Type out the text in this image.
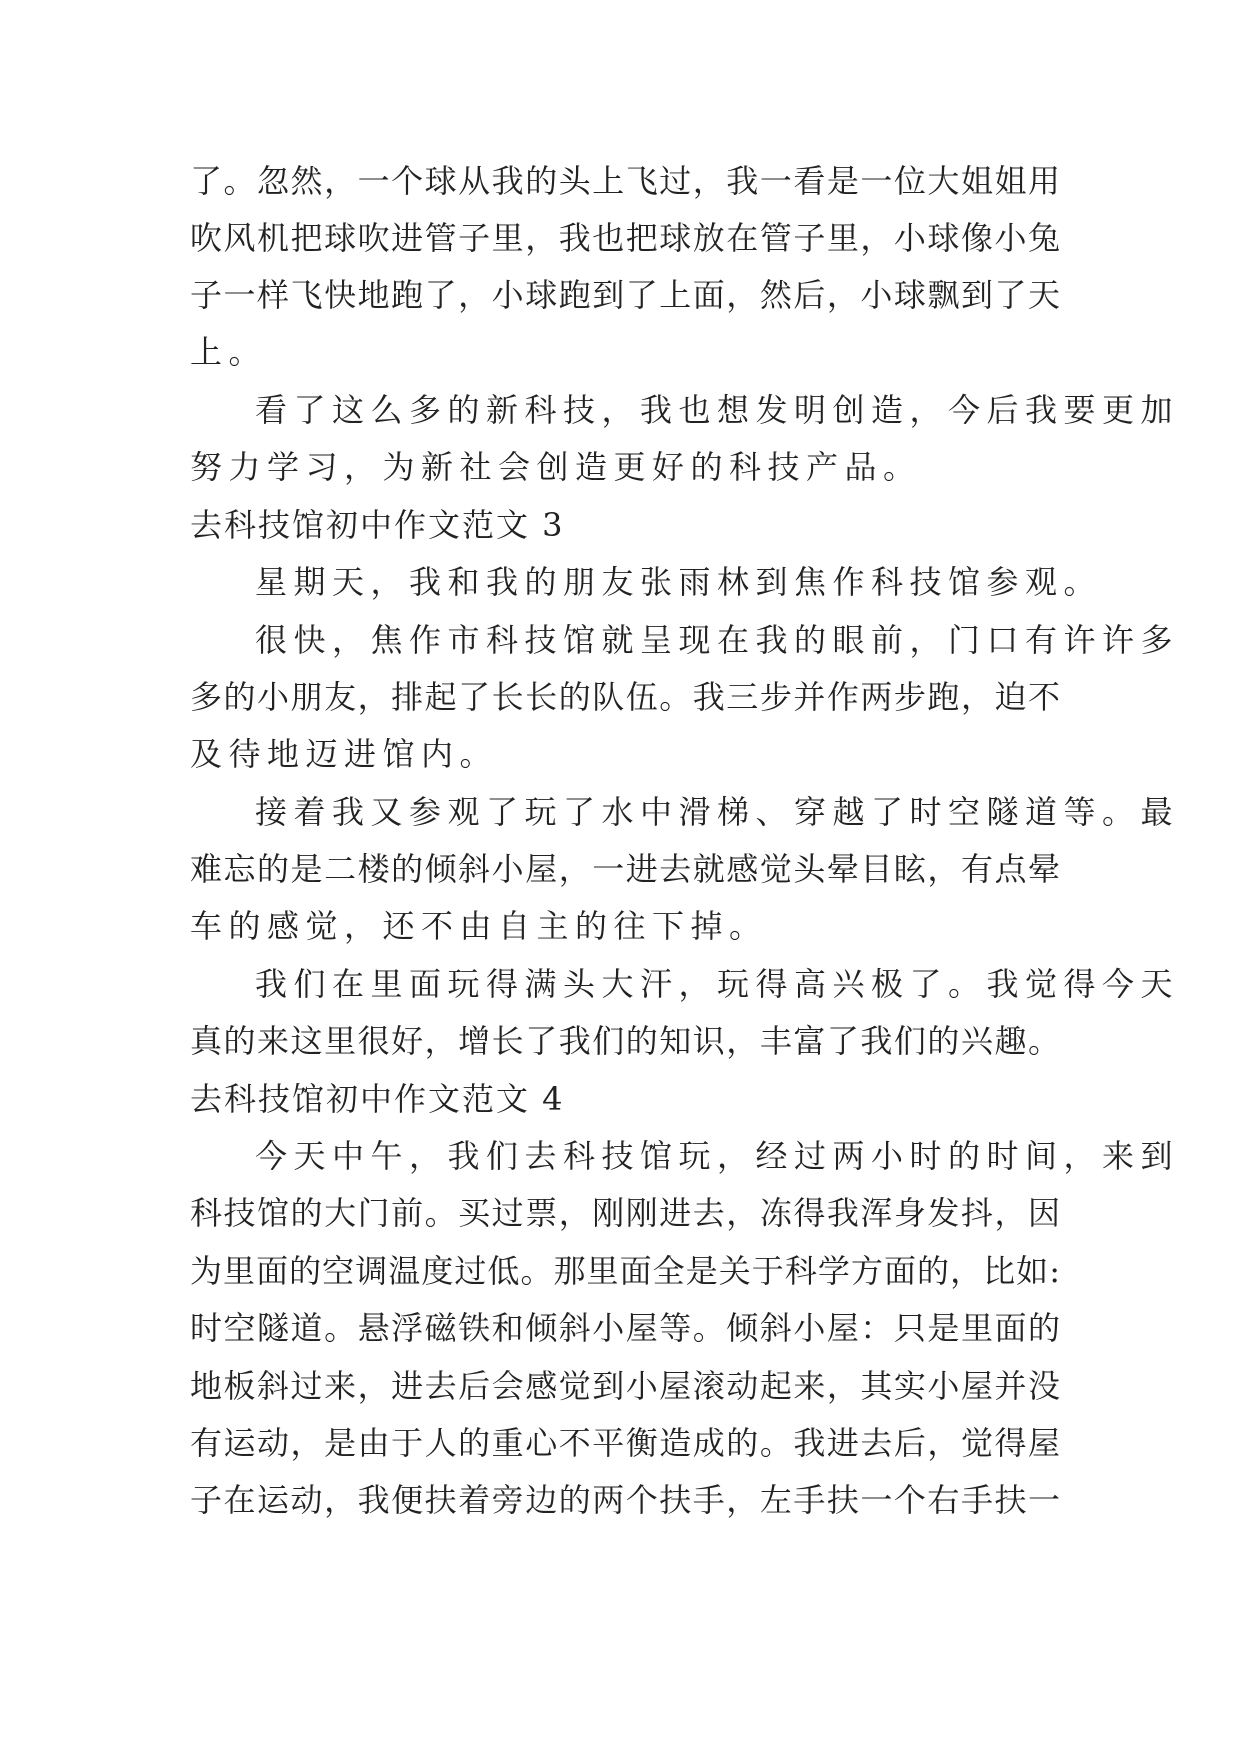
了。忽然，一个球从我的头上飞过，我一看是一位大姐姐用
吹风机把球吹进管子里，我也把球放在管子里，小球像小兔
子一样飞快地跑了，小球跑到了上面，然后，小球飘到了天
上。
看了这么多的新科技，我也想发明创造，今后我要更加
努力学习，为新社会创造更好的科技产品。
去科技馆初中作文范文 3
星期天，我和我的朋友张雨林到焦作科技馆参观。
很快，焦作市科技馆就呈现在我的眼前，门口有许许多
多的小朋友，排起了长长的队伍。我三步并作两步跑，迫不
及待地迈进馆内。
接着我又参观了玩了水中滑梯、穿越了时空隧道等。最
难忘的是二楼的倾斜小屋，一进去就感觉头晕目眩，有点晕
车的感觉，还不由自主的往下掉。
我们在里面玩得满头大汗，玩得高兴极了。我觉得今天
真的来这里很好，增长了我们的知识，丰富了我们的兴趣。
去科技馆初中作文范文 4
今天中午，我们去科技馆玩，经过两小时的时间，来到
科技馆的大门前。买过票，刚刚进去，冻得我浑身发抖，因
为里面的空调温度过低。那里面全是关于科学方面的，比如:
时空隧道。悬浮磁铁和倾斜小屋等。倾斜小屋：只是里面的
地板斜过来，进去后会感觉到小屋滚动起来，其实小屋并没
有运动，是由于人的重心不平衡造成的。我进去后，觉得屋
子在运动，我便扶着旁边的两个扶手，左手扶一个右手扶一
